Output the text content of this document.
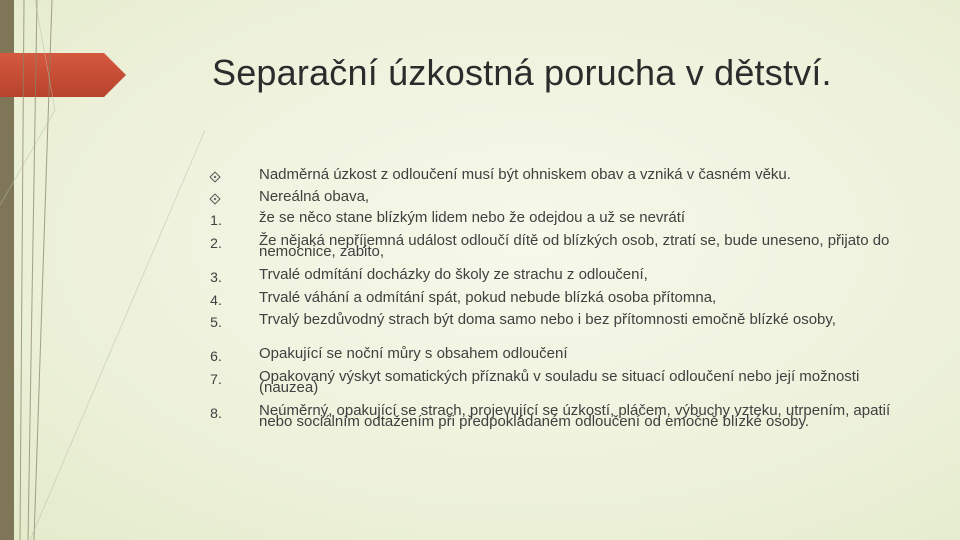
Separační úzkostná porucha v dětství.
Nadměrná úzkost z odloučení musí být ohniskem obav a vzniká v časném věku.
Nereálná obava,
1. že se něco stane blízkým lidem nebo že odejdou a už se nevrátí
2. Že nějaká nepříjemná událost odloučí dítě od blízkých osob, ztratí se, bude uneseno, přijato do nemocnice, zabito,
3. Trvalé odmítání docházky do školy ze strachu z odloučení,
4. Trvalé váhání a odmítání spát, pokud nebude blízká osoba přítomna,
5. Trvalý bezdůvodný strach být doma samo nebo i bez přítomnosti emočně blízké osoby,
6. Opakující se noční můry s obsahem odloučení
7. Opakovaný výskyt somatických příznaků v souladu se situací odloučení nebo její možnosti (nauzea)
8. Neúměrný, opakující se strach, projevující se úzkostí, pláčem, výbuchy vzteku, utrpením, apatií nebo sociálním odtažením při předpokládaném odloučení od emočně blízké osoby.
